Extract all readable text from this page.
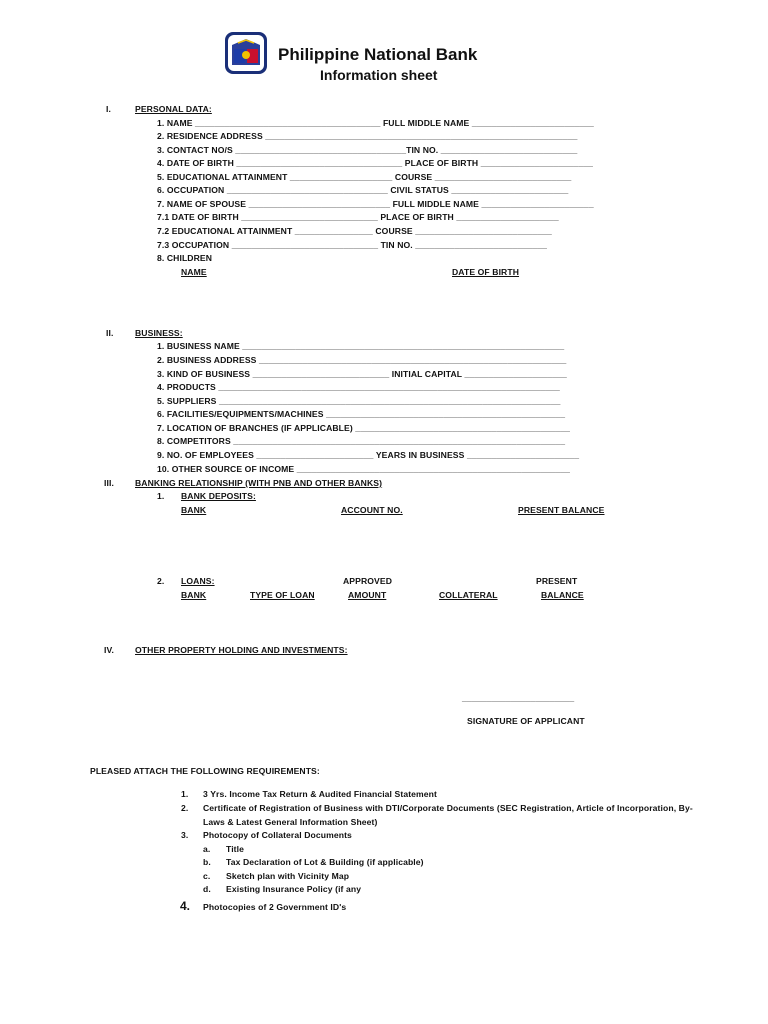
Philippine National Bank
Information sheet
I.	PERSONAL DATA:
1. NAME ______________________________________ FULL MIDDLE NAME _________________________
2. RESIDENCE ADDRESS ________________________________________________________________
3. CONTACT NO/S ___________________________________TIN NO. ____________________________
4. DATE OF BIRTH __________________________________ PLACE OF BIRTH _______________________
5. EDUCATIONAL ATTAINMENT _____________________ COURSE ____________________________
6. OCCUPATION _________________________________ CIVIL STATUS ________________________
7. NAME OF SPOUSE _____________________________ FULL MIDDLE NAME _______________________
7.1 DATE OF BIRTH ____________________________ PLACE OF BIRTH _____________________
7.2 EDUCATIONAL ATTAINMENT ________________ COURSE ____________________________
7.3 OCCUPATION ______________________________ TIN NO. ___________________________
8. CHILDREN
NAME	DATE OF BIRTH
II.	BUSINESS:
1. BUSINESS NAME __________________________________________________________________
2. BUSINESS ADDRESS _______________________________________________________________
3. KIND OF BUSINESS ____________________________ INITIAL CAPITAL _____________________
4. PRODUCTS ______________________________________________________________________
5. SUPPLIERS ______________________________________________________________________
6. FACILITIES/EQUIPMENTS/MACHINES _________________________________________________
7. LOCATION OF BRANCHES (IF APPLICABLE) ____________________________________________
8. COMPETITORS ____________________________________________________________________
9. NO. OF EMPLOYEES ________________________ YEARS IN BUSINESS _______________________
10. OTHER SOURCE OF INCOME ________________________________________________________
III. BANKING RELATIONSHIP (WITH PNB AND OTHER BANKS)
1. BANK DEPOSITS:
BANK	ACCOUNT NO.	PRESENT BALANCE
2. LOANS:	APPROVED	PRESENT
BANK	TYPE OF LOAN	AMOUNT	COLLATERAL	BALANCE
IV. OTHER PROPERTY HOLDING AND INVESTMENTS:
_______________________
SIGNATURE OF APPLICANT
PLEASED ATTACH THE FOLLOWING REQUIREMENTS:
1. 3 Yrs. Income Tax Return & Audited Financial Statement
2. Certificate of Registration of Business with DTI/Corporate Documents (SEC Registration, Article of Incorporation, By-
Laws & Latest General Information Sheet)
3. Photocopy of Collateral Documents
a. Title
b. Tax Declaration of Lot & Building (if applicable)
c. Sketch plan with Vicinity Map
d. Existing Insurance Policy (if any
4. Photocopies of 2 Government ID's
